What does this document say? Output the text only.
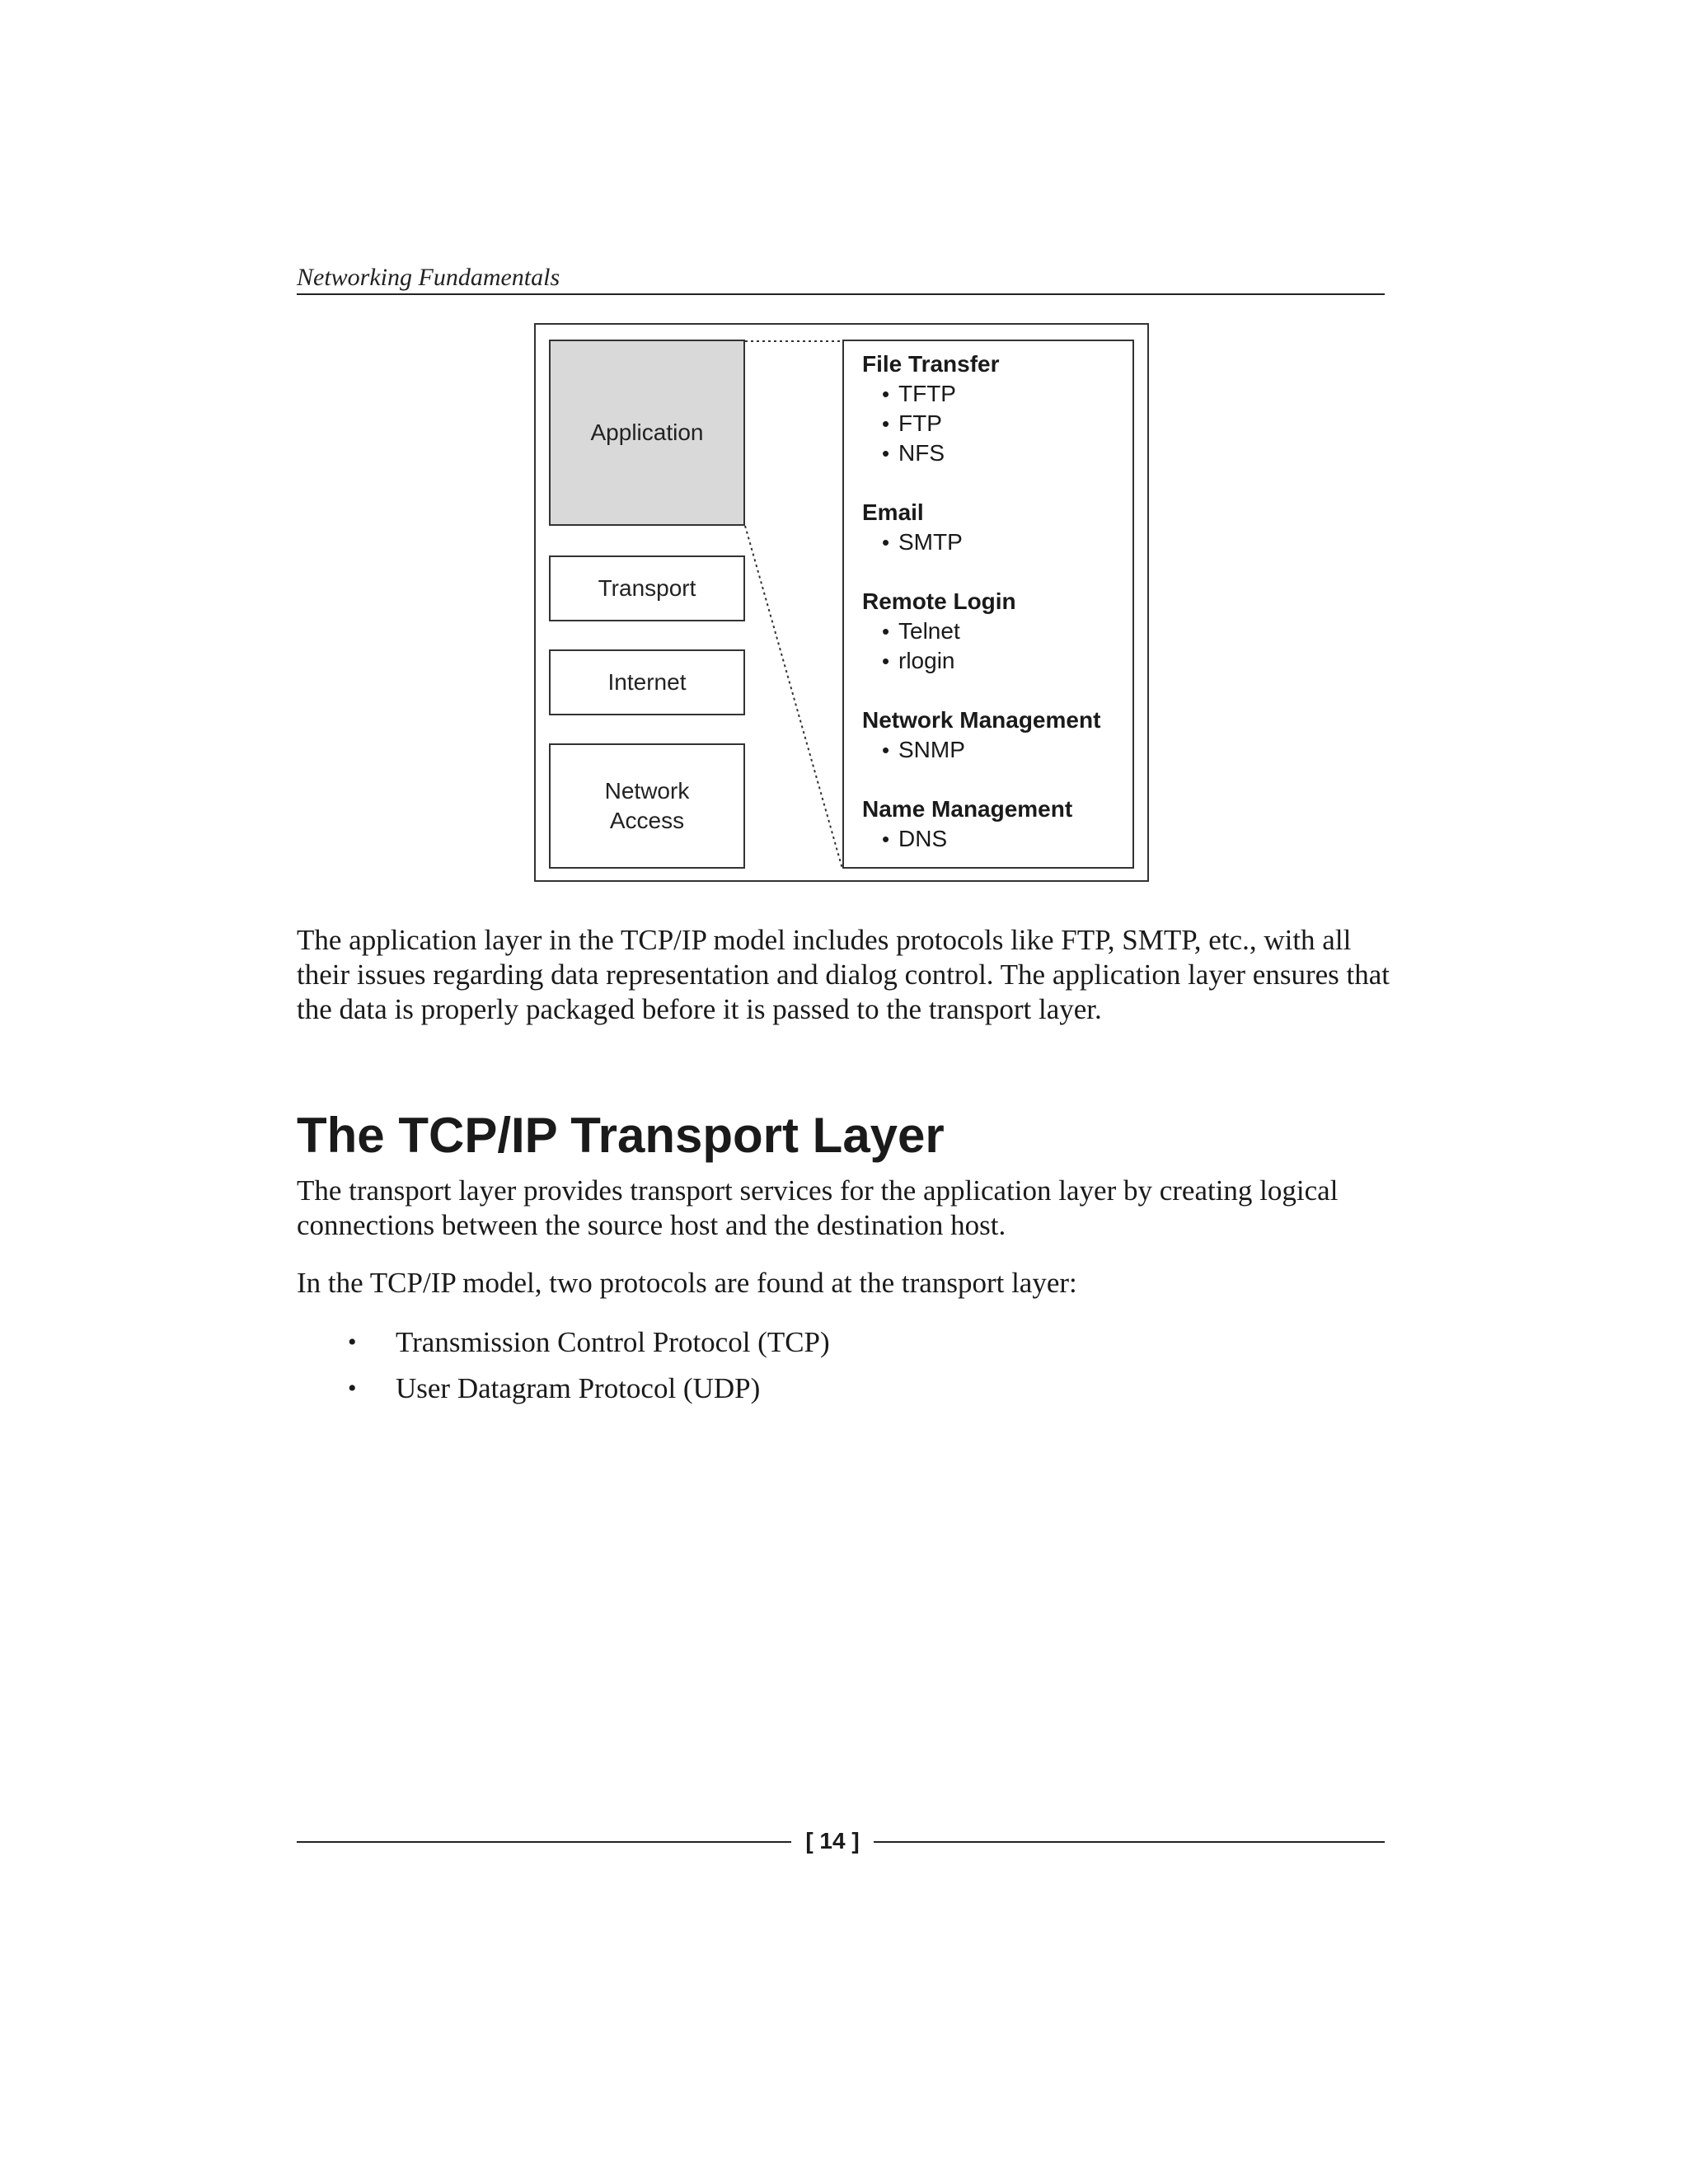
Networking Fundamentals
Application
Transport
Internet
Network
Access
File Transfer
• TFTP
• FTP
• NFS
Email
• SMTP
Remote Login
• Telnet
• rlogin
Network Management
• SNMP
Name Management
• DNS

The application layer in the TCP/IP model includes protocols like FTP, SMTP, etc., with all their issues regarding data representation and dialog control. The application layer ensures that the data is properly packaged before it is passed to the transport layer.

The TCP/IP Transport Layer

The transport layer provides transport services for the application layer by creating logical connections between the source host and the destination host.

In the TCP/IP model, two protocols are found at the transport layer:

• Transmission Control Protocol (TCP)
• User Datagram Protocol (UDP)
[ 14 ]
